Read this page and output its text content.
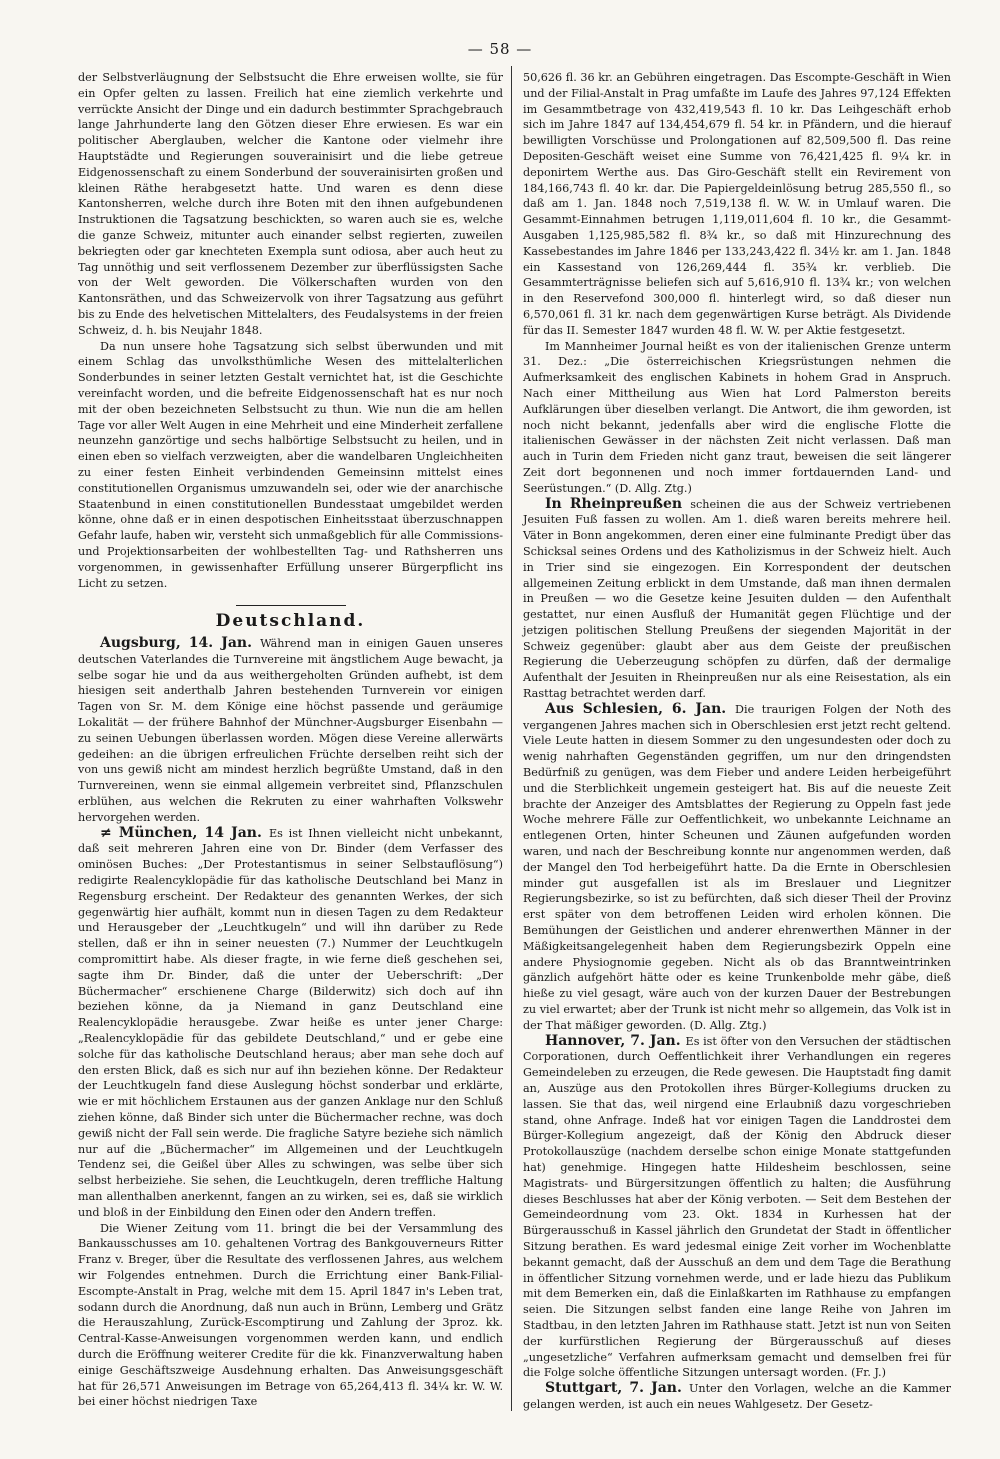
— 58 —

der Selbstverläugnung der Selbstsucht die Ehre erweisen wollte, sie für ein Opfer gelten zu lassen. Freilich hat eine ziemlich verkehrte und verrückte Ansicht der Dinge und ein dadurch bestimmter Sprachgebrauch lange Jahrhunderte lang den Götzen dieser Ehre erwiesen. Es war ein politischer Aberglauben, welcher die Kantone oder vielmehr ihre Hauptstädte und Regierungen souverainisirt und die liebe getreue Eidgenossenschaft zu einem Sonderbund der souverainisirten großen und kleinen Räthe herabgesetzt hatte. Und waren es denn diese Kantonsherren, welche durch ihre Boten mit den ihnen aufgebundenen Instruktionen die Tagsatzung beschickten, so waren auch sie es, welche die ganze Schweiz, mitunter auch einander selbst regierten, zuweilen bekriegten oder gar knechteten Exempla sunt odiosa, aber auch heut zu Tag unnöthig und seit verflossenem Dezember zur überflüssigsten Sache von der Welt geworden. Die Völkerschaften wurden von den Kantonsräthen, und das Schweizervolk von ihrer Tagsatzung aus geführt bis zu Ende des helvetischen Mittelalters, des Feudalsystems in der freien Schweiz, d. h. bis Neujahr 1848.

Da nun unsere hohe Tagsatzung sich selbst überwunden und mit einem Schlag das unvolksthümliche Wesen des mittelalterlichen Sonderbundes in seiner letzten Gestalt vernichtet hat, ist die Geschichte vereinfacht worden, und die befreite Eidgenossenschaft hat es nur noch mit der oben bezeichneten Selbstsucht zu thun. Wie nun die am hellen Tage vor aller Welt Augen in eine Mehrheit und eine Minderheit zerfallene neunzehn ganzörtige und sechs halbörtige Selbstsucht zu heilen, und in einen eben so vielfach verzweigten, aber die wandelbaren Ungleichheiten zu einer festen Einheit verbindenden Gemeinsinn mittelst eines constitutionellen Organismus umzuwandeln sei, oder wie der anarchische Staatenbund in einen constitutionellen Bundesstaat umgebildet werden könne, ohne daß er in einen despotischen Einheitsstaat überzuschnappen Gefahr laufe, haben wir, versteht sich unmaßgeblich für alle Commissions- und Projektionsarbeiten der wohlbestellten Tag- und Rathsherren uns vorgenommen, in gewissenhafter Erfüllung unserer Bürgerpflicht ins Licht zu setzen.

Deutschland.

Augsburg, 14. Jan. Während man in einigen Gauen unseres deutschen Vaterlandes die Turnvereine mit ängstlichem Auge bewacht, ja selbe sogar hie und da aus weithergeholten Gründen aufhebt, ist dem hiesigen seit anderthalb Jahren bestehenden Turnverein vor einigen Tagen von Sr. M. dem Könige eine höchst passende und geräumige Lokalität — der frühere Bahnhof der Münchner-Augsburger Eisenbahn — zu seinen Uebungen überlassen worden. Mögen diese Vereine allerwärts gedeihen: an die übrigen erfreulichen Früchte derselben reiht sich der von uns gewiß nicht am mindest herzlich begrüßte Umstand, daß in den Turnvereinen, wenn sie einmal allgemein verbreitet sind, Pflanzschulen erblühen, aus welchen die Rekruten zu einer wahrhaften Volkswehr hervorgehen werden.

≠ München, 14 Jan. Es ist Ihnen vielleicht nicht unbekannt, daß seit mehreren Jahren eine von Dr. Binder (dem Verfasser des ominösen Buches: „Der Protestantismus in seiner Selbstauflösung“) redigirte Realencyklopädie für das katholische Deutschland bei Manz in Regensburg erscheint. Der Redakteur des genannten Werkes, der sich gegenwärtig hier aufhält, kommt nun in diesen Tagen zu dem Redakteur und Herausgeber der „Leuchtkugeln“ und will ihn darüber zu Rede stellen, daß er ihn in seiner neuesten (7.) Nummer der Leuchtkugeln compromittirt habe. Als dieser fragte, in wie ferne dieß geschehen sei, sagte ihm Dr. Binder, daß die unter der Ueberschrift: „Der Büchermacher“ erschienene Charge (Bilderwitz) sich doch auf ihn beziehen könne, da ja Niemand in ganz Deutschland eine Realencyklopädie herausgebe. Zwar heiße es unter jener Charge: „Realencyklopädie für das gebildete Deutschland,“ und er gebe eine solche für das katholische Deutschland heraus; aber man sehe doch auf den ersten Blick, daß es sich nur auf ihn beziehen könne. Der Redakteur der Leuchtkugeln fand diese Auslegung höchst sonderbar und erklärte, wie er mit höchlichem Erstaunen aus der ganzen Anklage nur den Schluß ziehen könne, daß Binder sich unter die Büchermacher rechne, was doch gewiß nicht der Fall sein werde. Die fragliche Satyre beziehe sich nämlich nur auf die „Büchermacher“ im Allgemeinen und der Leuchtkugeln Tendenz sei, die Geißel über Alles zu schwingen, was selbe über sich selbst herbeiziehe. Sie sehen, die Leuchtkugeln, deren treffliche Haltung man allenthalben anerkennt, fangen an zu wirken, sei es, daß sie wirklich und bloß in der Einbildung den Einen oder den Andern treffen.

Die Wiener Zeitung vom 11. bringt die bei der Versammlung des Bankausschusses am 10. gehaltenen Vortrag des Bankgouverneurs Ritter Franz v. Breger, über die Resultate des verflossenen Jahres, aus welchem wir Folgendes entnehmen. Durch die Errichtung einer Bank-Filial-Escompte-Anstalt in Prag, welche mit dem 15. April 1847 in's Leben trat, sodann durch die Anordnung, daß nun auch in Brünn, Lemberg und Grätz die Herauszahlung, Zurück-Escomptirung und Zahlung der 3proz. kk. Central-Kasse-Anweisungen vorgenommen werden kann, und endlich durch die Eröffnung weiterer Credite für die kk. Finanzverwaltung haben einige Geschäftszweige Ausdehnung erhalten. Das Anweisungsgeschäft hat für 26,571 Anweisungen im Betrage von 65,264,413 fl. 34¼ kr. W. W. bei einer höchst niedrigen Taxe

50,626 fl. 36 kr. an Gebühren eingetragen. Das Escompte-Geschäft in Wien und der Filial-Anstalt in Prag umfaßte im Laufe des Jahres 97,124 Effekten im Gesammtbetrage von 432,419,543 fl. 10 kr. Das Leihgeschäft erhob sich im Jahre 1847 auf 134,454,679 fl. 54 kr. in Pfändern, und die hierauf bewilligten Vorschüsse und Prolongationen auf 82,509,500 fl. Das reine Depositen-Geschäft weiset eine Summe von 76,421,425 fl. 9¼ kr. in deponirtem Werthe aus. Das Giro-Geschäft stellt ein Revirement von 184,166,743 fl. 40 kr. dar. Die Papiergeldeinlösung betrug 285,550 fl., so daß am 1. Jan. 1848 noch 7,519,138 fl. W. W. in Umlauf waren. Die Gesammt-Einnahmen betrugen 1,119,011,604 fl. 10 kr., die Gesammt-Ausgaben 1,125,985,582 fl. 8¾ kr., so daß mit Hinzurechnung des Kassebestandes im Jahre 1846 per 133,243,422 fl. 34½ kr. am 1. Jan. 1848 ein Kassestand von 126,269,444 fl. 35¾ kr. verblieb. Die Gesammterträgnisse beliefen sich auf 5,616,910 fl. 13¾ kr.; von welchen in den Reservefond 300,000 fl. hinterlegt wird, so daß dieser nun 6,570,061 fl. 31 kr. nach dem gegenwärtigen Kurse beträgt. Als Dividende für das II. Semester 1847 wurden 48 fl. W. W. per Aktie festgesetzt.

Im Mannheimer Journal heißt es von der italienischen Grenze unterm 31. Dez.: „Die österreichischen Kriegsrüstungen nehmen die Aufmerksamkeit des englischen Kabinets in hohem Grad in Anspruch. Nach einer Mittheilung aus Wien hat Lord Palmerston bereits Aufklärungen über dieselben verlangt. Die Antwort, die ihm geworden, ist noch nicht bekannt, jedenfalls aber wird die englische Flotte die italienischen Gewässer in der nächsten Zeit nicht verlassen. Daß man auch in Turin dem Frieden nicht ganz traut, beweisen die seit längerer Zeit dort begonnenen und noch immer fortdauernden Land- und Seerüstungen.“ (D. Allg. Ztg.)

In Rheinpreußen scheinen die aus der Schweiz vertriebenen Jesuiten Fuß fassen zu wollen. Am 1. dieß waren bereits mehrere heil. Väter in Bonn angekommen, deren einer eine fulminante Predigt über das Schicksal seines Ordens und des Katholizismus in der Schweiz hielt. Auch in Trier sind sie eingezogen. Ein Korrespondent der deutschen allgemeinen Zeitung erblickt in dem Umstande, daß man ihnen dermalen in Preußen — wo die Gesetze keine Jesuiten dulden — den Aufenthalt gestattet, nur einen Ausfluß der Humanität gegen Flüchtige und der jetzigen politischen Stellung Preußens der siegenden Majorität in der Schweiz gegenüber: glaubt aber aus dem Geiste der preußischen Regierung die Ueberzeugung schöpfen zu dürfen, daß der dermalige Aufenthalt der Jesuiten in Rheinpreußen nur als eine Reisestation, als ein Rasttag betrachtet werden darf.

Aus Schlesien, 6. Jan. Die traurigen Folgen der Noth des vergangenen Jahres machen sich in Oberschlesien erst jetzt recht geltend. Viele Leute hatten in diesem Sommer zu den ungesundesten oder doch zu wenig nahrhaften Gegenständen gegriffen, um nur den dringendsten Bedürfniß zu genügen, was dem Fieber und andere Leiden herbeigeführt und die Sterblichkeit ungemein gesteigert hat. Bis auf die neueste Zeit brachte der Anzeiger des Amtsblattes der Regierung zu Oppeln fast jede Woche mehrere Fälle zur Oeffentlichkeit, wo unbekannte Leichname an entlegenen Orten, hinter Scheunen und Zäunen aufgefunden worden waren, und nach der Beschreibung konnte nur angenommen werden, daß der Mangel den Tod herbeigeführt hatte. Da die Ernte in Oberschlesien minder gut ausgefallen ist als im Breslauer und Liegnitzer Regierungsbezirke, so ist zu befürchten, daß sich dieser Theil der Provinz erst später von dem betroffenen Leiden wird erholen können. Die Bemühungen der Geistlichen und anderer ehrenwerthen Männer in der Mäßigkeitsangelegenheit haben dem Regierungsbezirk Oppeln eine andere Physiognomie gegeben. Nicht als ob das Branntweintrinken gänzlich aufgehört hätte oder es keine Trunkenbolde mehr gäbe, dieß hieße zu viel gesagt, wäre auch von der kurzen Dauer der Bestrebungen zu viel erwartet; aber der Trunk ist nicht mehr so allgemein, das Volk ist in der That mäßiger geworden. (D. Allg. Ztg.)

Hannover, 7. Jan. Es ist öfter von den Versuchen der städtischen Corporationen, durch Oeffentlichkeit ihrer Verhandlungen ein regeres Gemeindeleben zu erzeugen, die Rede gewesen. Die Hauptstadt fing damit an, Auszüge aus den Protokollen ihres Bürger-Kollegiums drucken zu lassen. Sie that das, weil nirgend eine Erlaubniß dazu vorgeschrieben stand, ohne Anfrage. Indeß hat vor einigen Tagen die Landdrostei dem Bürger-Kollegium angezeigt, daß der König den Abdruck dieser Protokollauszüge (nachdem derselbe schon einige Monate stattgefunden hat) genehmige. Hingegen hatte Hildesheim beschlossen, seine Magistrats- und Bürgersitzungen öffentlich zu halten; die Ausführung dieses Beschlusses hat aber der König verboten. — Seit dem Bestehen der Gemeindeordnung vom 23. Okt. 1834 in Kurhessen hat der Bürgerausschuß in Kassel jährlich den Grundetat der Stadt in öffentlicher Sitzung berathen. Es ward jedesmal einige Zeit vorher im Wochenblatte bekannt gemacht, daß der Ausschuß an dem und dem Tage die Berathung in öffentlicher Sitzung vornehmen werde, und er lade hiezu das Publikum mit dem Bemerken ein, daß die Einlaßkarten im Rathhause zu empfangen seien. Die Sitzungen selbst fanden eine lange Reihe von Jahren im Stadtbau, in den letzten Jahren im Rathhause statt. Jetzt ist nun von Seiten der kurfürstlichen Regierung der Bürgerausschuß auf dieses „ungesetzliche“ Verfahren aufmerksam gemacht und demselben frei für die Folge solche öffentliche Sitzungen untersagt worden. (Fr. J.)

Stuttgart, 7. Jan. Unter den Vorlagen, welche an die Kammer gelangen werden, ist auch ein neues Wahlgesetz. Der Gesetz-
